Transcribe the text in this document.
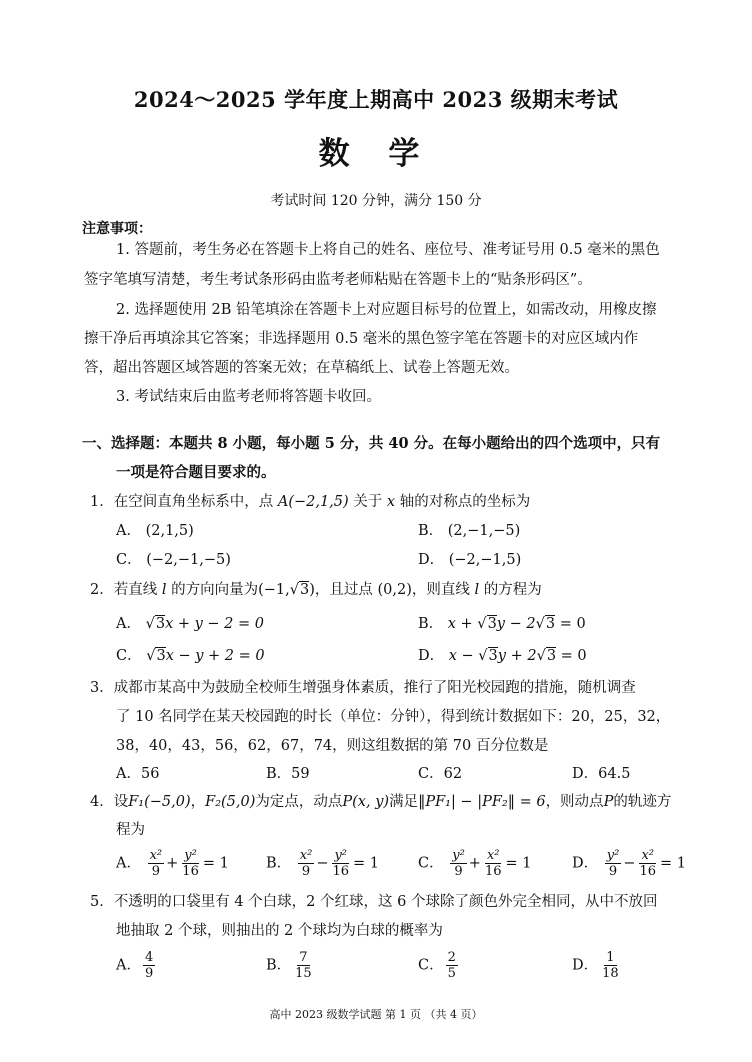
2024～2025 学年度上期高中 2023 级期末考试
数 学
考试时间 120 分钟，满分 150 分
注意事项：
1. 答题前，考生务必在答题卡上将自己的姓名、座位号、准考证号用 0.5 毫米的黑色
签字笔填写清楚，考生考试条形码由监考老师粘贴在答题卡上的“贴条形码区”。
2. 选择题使用 2B 铅笔填涂在答题卡上对应题目标号的位置上，如需改动，用橡皮擦
擦干净后再填涂其它答案；非选择题用 0.5 毫米的黑色签字笔在答题卡的对应区域内作
答，超出答题区域答题的答案无效；在草稿纸上、试卷上答题无效。
3. 考试结束后由监考老师将答题卡收回。
一、选择题：本题共 8 小题，每小题 5 分，共 40 分。在每小题给出的四个选项中，只有
一项是符合题目要求的。
1．在空间直角坐标系中，点 A(−2,1,5) 关于 x 轴的对称点的坐标为
A． (2,1,5)	B． (2,−1,−5)
C． (−2,−1,−5)	D． (−2,−1,5)
2．若直线 l 的方向向量为(−1,√3)，且过点 (0,2)，则直线 l 的方程为
A． √3x + y − 2 = 0	B． x + √3y − 2√3 = 0
C． √3x − y + 2 = 0	D． x − √3y + 2√3 = 0
3．成都市某高中为鼓励全校师生增强身体素质，推行了阳光校园跑的措施，随机调查
了 10 名同学在某天校园跑的时长（单位：分钟），得到统计数据如下：20，25，32，
38，40，43，56，62，67，74，则这组数据的第 70 百分位数是
A．56	B．59	C．62	D．64.5
4．设F₁(−5,0)，F₂(5,0)为定点，动点P(x, y)满足‖PF₁| − |PF₂‖ = 6，则动点P的轨迹方
程为
A． $\frac{\text{x²}}{9} + \frac{\text{y²}}{16} = 1$	B． $\frac{\text{x²}}{9} - \frac{\text{y²}}{16} = 1$	C． $\frac{\text{y²}}{9} + \frac{\text{x²}}{16} = 1$	D． $\frac{\text{y²}}{9} - \frac{\text{x²}}{16} = 1$
5．不透明的口袋里有 4 个白球，2 个红球，这 6 个球除了颜色外完全相同，从中不放回
地抽取 2 个球，则抽出的 2 个球均为白球的概率为
A． $\frac{4}{9}$	B． $\frac{7}{15}$	C． $\frac{2}{5}$	D． $\frac{1}{18}$
高中 2023 级数学试题 第 1 页 （共 4 页）
